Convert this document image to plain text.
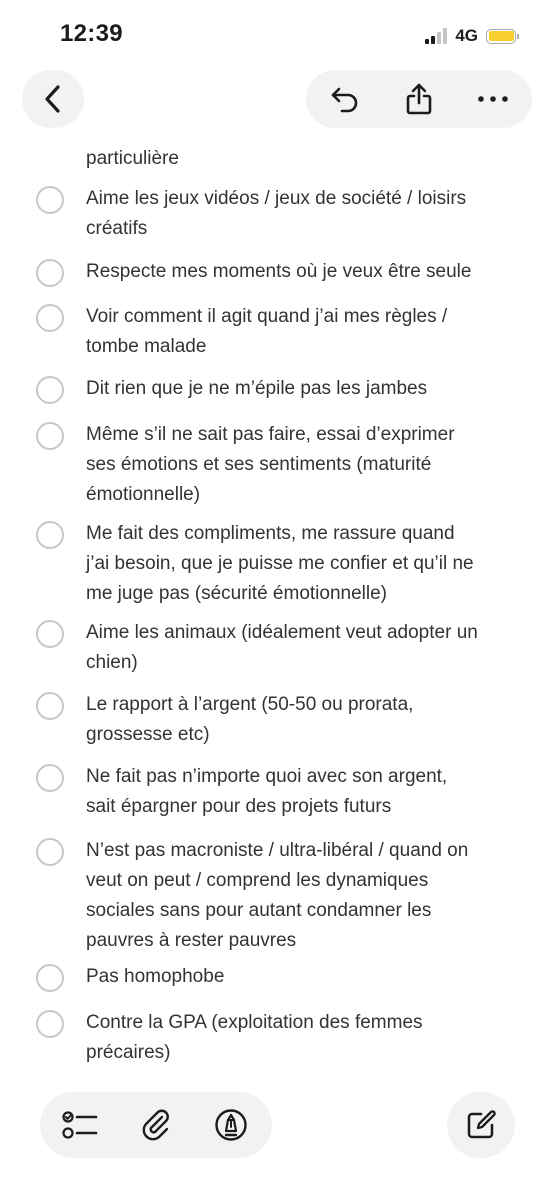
12:39	4G
particulière
Aime les jeux vidéos / jeux de société / loisirs
créatifs
Respecte mes moments où je veux être seule
Voir comment il agit quand j’ai mes règles /
tombe malade
Dit rien que je ne m’épile pas les jambes
Même s’il ne sait pas faire, essai d’exprimer
ses émotions et ses sentiments (maturité
émotionnelle)
Me fait des compliments, me rassure quand
j’ai besoin, que je puisse me confier et qu’il ne
me juge pas (sécurité émotionnelle)
Aime les animaux (idéalement veut adopter un
chien)
Le rapport à l’argent (50-50 ou prorata,
grossesse etc)
Ne fait pas n’importe quoi avec son argent,
sait épargner pour des projets futurs
N’est pas macroniste / ultra-libéral / quand on
veut on peut / comprend les dynamiques
sociales sans pour autant condamner les
pauvres à rester pauvres
Pas homophobe
Contre la GPA (exploitation des femmes
précaires)
